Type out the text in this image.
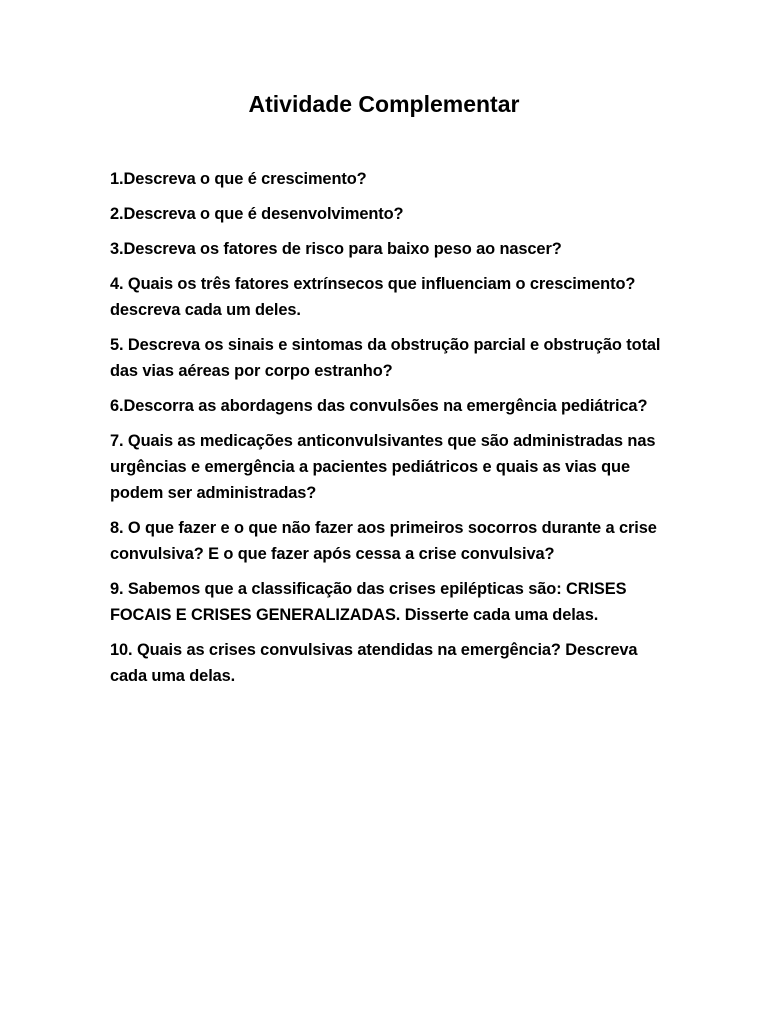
Atividade Complementar
1.Descreva o que é crescimento?
2.Descreva o que é desenvolvimento?
3.Descreva os fatores de risco para baixo peso ao nascer?
4. Quais os três fatores extrínsecos que influenciam o crescimento? descreva cada um deles.
5. Descreva os sinais e sintomas da obstrução parcial e obstrução total das vias aéreas por corpo estranho?
6.Descorra as abordagens das convulsões na emergência pediátrica?
7. Quais as medicações anticonvulsivantes que são administradas nas urgências e emergência a pacientes pediátricos e quais as vias que podem ser administradas?
8. O que fazer e o que não fazer aos primeiros socorros durante a crise convulsiva? E o que fazer após cessa a crise convulsiva?
9. Sabemos que a classificação das crises epilépticas são: CRISES FOCAIS E CRISES GENERALIZADAS. Disserte cada uma delas.
10. Quais as crises convulsivas atendidas na emergência? Descreva cada uma delas.
